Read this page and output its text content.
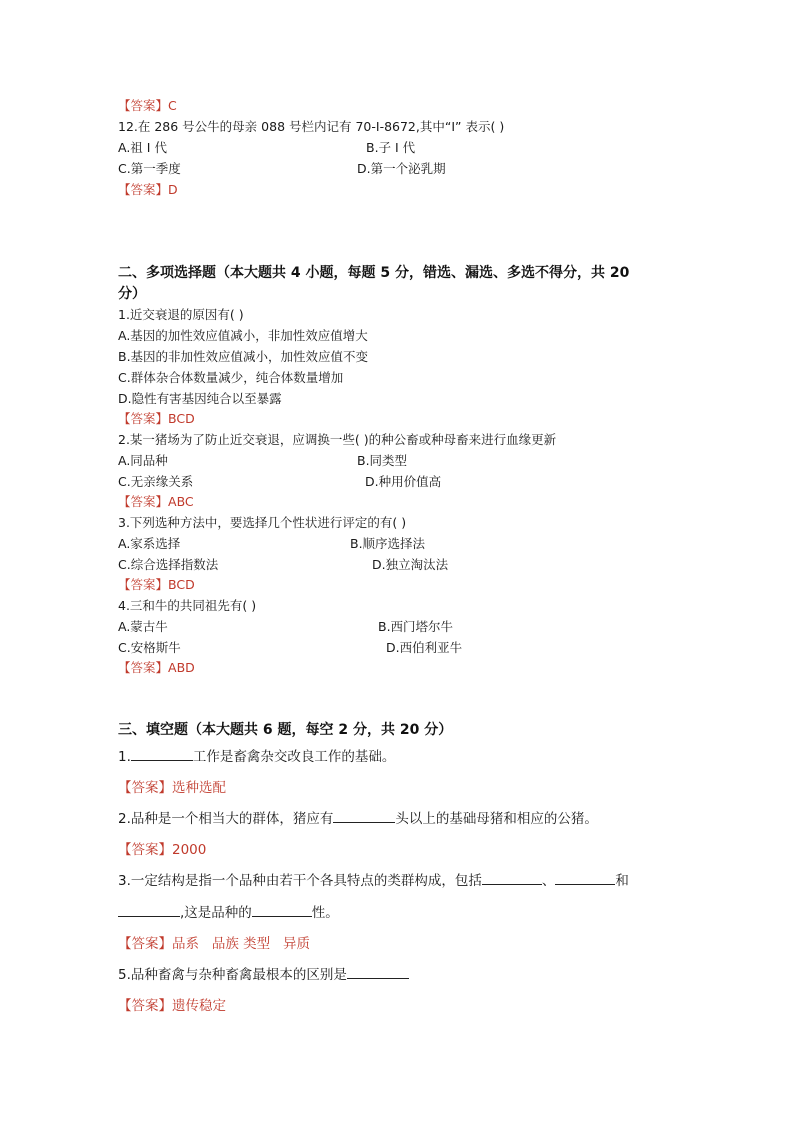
【答案】C
12.在 286 号公牛的母亲 088 号栏内记有 70-I-8672,其中“I” 表示( )
A.祖 I 代	B.子 I 代
C.第一季度	D.第一个泌乳期
【答案】D
二、多项选择题（本大题共 4 小题，每题 5 分，错选、漏选、多选不得分，共 20
分）
1.近交衰退的原因有( )
A.基因的加性效应值减小，非加性效应值增大
B.基因的非加性效应值减小，加性效应值不变
C.群体杂合体数量减少，纯合体数量增加
D.隐性有害基因纯合以至暴露
【答案】BCD
2.某一猪场为了防止近交衰退，应调换一些( )的种公畜或种母畜来进行血缘更新
A.同品种	B.同类型
C.无亲缘关系	D.种用价值高
【答案】ABC
3.下列选种方法中，要选择几个性状进行评定的有( )
A.家系选择	B.顺序选择法
C.综合选择指数法	D.独立淘汰法
【答案】BCD
4.三和牛的共同祖先有( )
A.蒙古牛	B.西门塔尔牛
C.安格斯牛	D.西伯利亚牛
【答案】ABD
三、填空题（本大题共 6 题，每空 2 分，共 20 分）
1.	工作是畜禽杂交改良工作的基础。
【答案】选种选配
2.品种是一个相当大的群体，猪应有	头以上的基础母猪和相应的公猪。
【答案】2000
3.一定结构是指一个品种由若干个各具特点的类群构成，包括	、	和
,这是品种的	性。
【答案】品系   品族 类型   异质
5.品种畜禽与杂种畜禽最根本的区别是
【答案】遗传稳定
